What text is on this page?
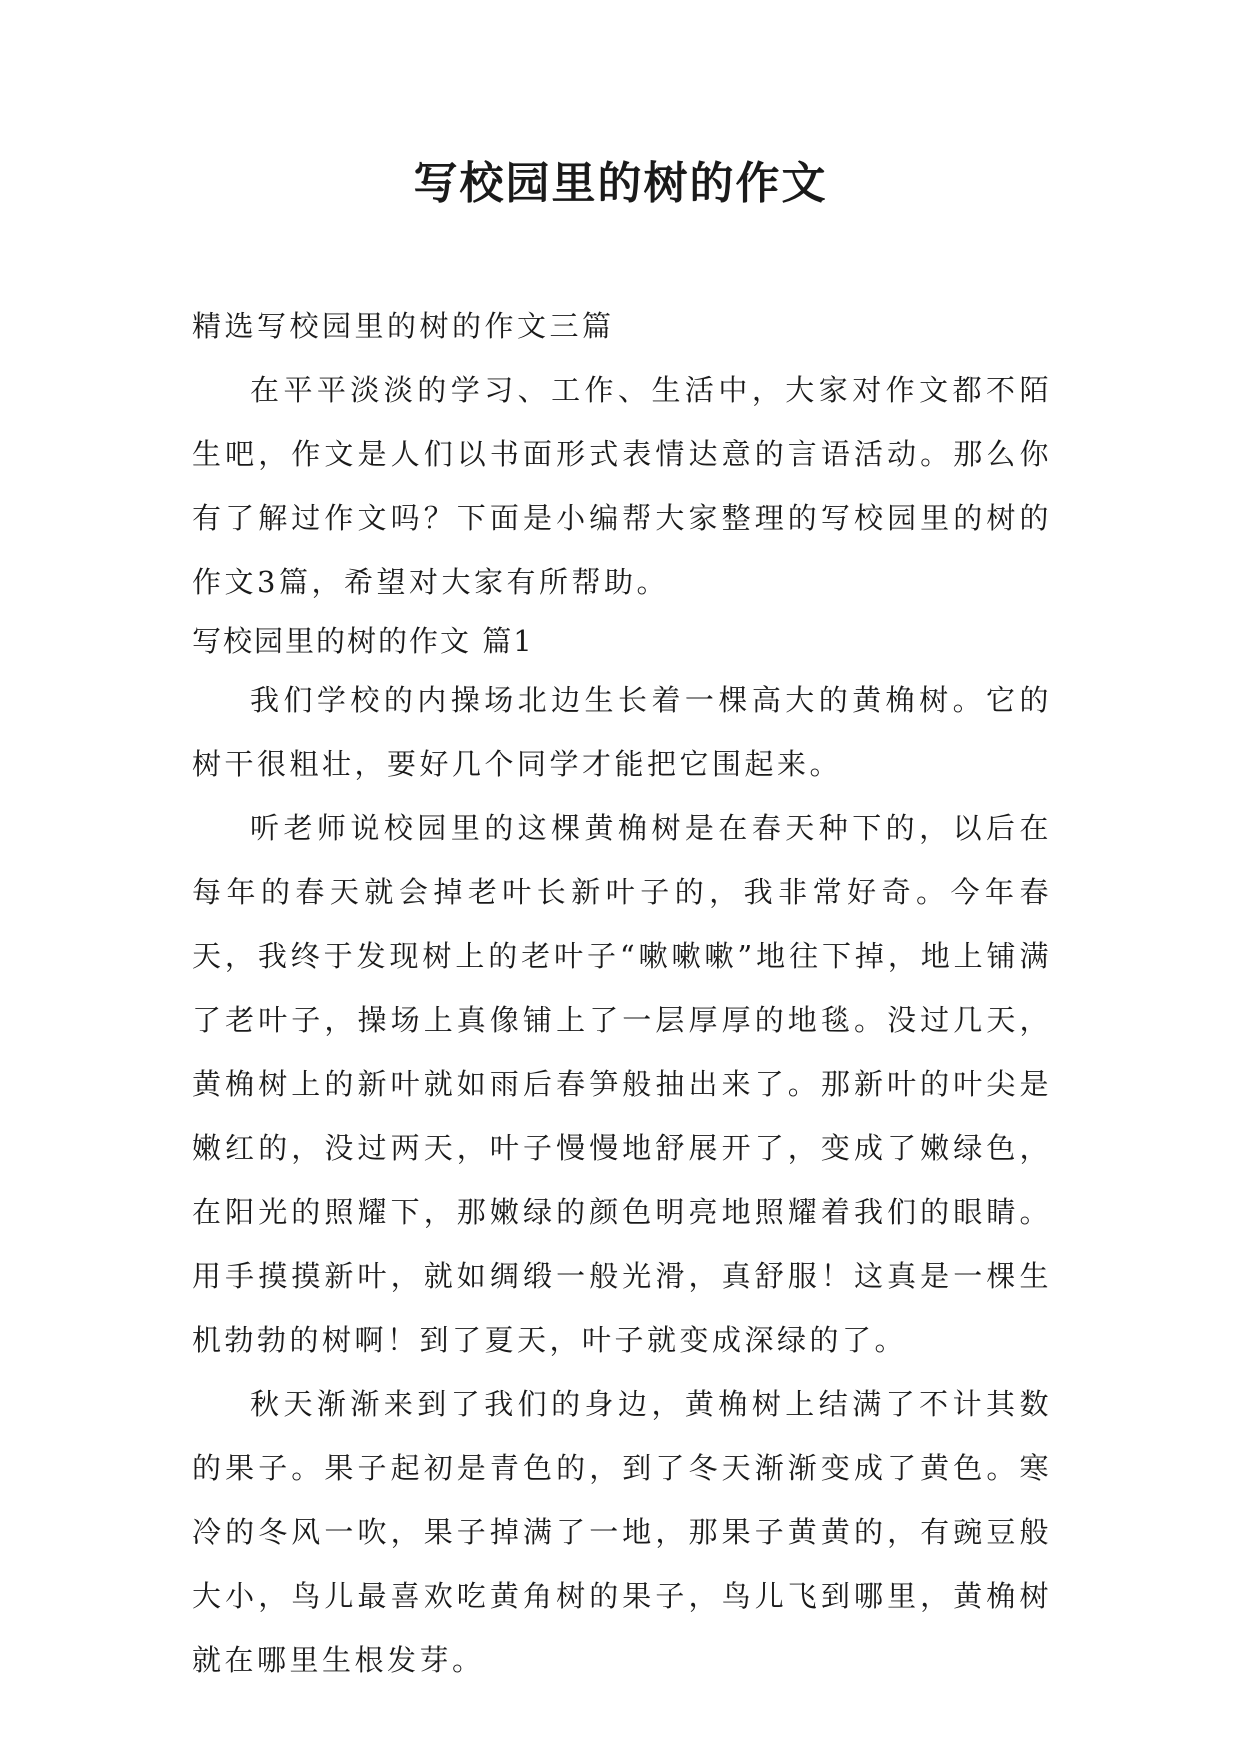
写校园里的树的作文

精选写校园里的树的作文三篇

在平平淡淡的学习、工作、生活中，大家对作文都不陌生吧，作文是人们以书面形式表情达意的言语活动。那么你有了解过作文吗？下面是小编帮大家整理的写校园里的树的作文3篇，希望对大家有所帮助。

写校园里的树的作文 篇1

我们学校的内操场北边生长着一棵高大的黄桷树。它的树干很粗壮，要好几个同学才能把它围起来。

听老师说校园里的这棵黄桷树是在春天种下的，以后在每年的春天就会掉老叶长新叶子的，我非常好奇。今年春天，我终于发现树上的老叶子“嗽嗽嗽”地往下掉，地上铺满了老叶子，操场上真像铺上了一层厚厚的地毯。没过几天，黄桷树上的新叶就如雨后春笋般抽出来了。那新叶的叶尖是嫩红的，没过两天，叶子慢慢地舒展开了，变成了嫩绿色，在阳光的照耀下，那嫩绿的颜色明亮地照耀着我们的眼睛。用手摸摸新叶，就如绸缎一般光滑，真舒服！这真是一棵生机勃勃的树啊！到了夏天，叶子就变成深绿的了。

秋天渐渐来到了我们的身边，黄桷树上结满了不计其数的果子。果子起初是青色的，到了冬天渐渐变成了黄色。寒冷的冬风一吹，果子掉满了一地，那果子黄黄的，有豌豆般大小，鸟儿最喜欢吃黄角树的果子，鸟儿飞到哪里，黄桷树就在哪里生根发芽。
